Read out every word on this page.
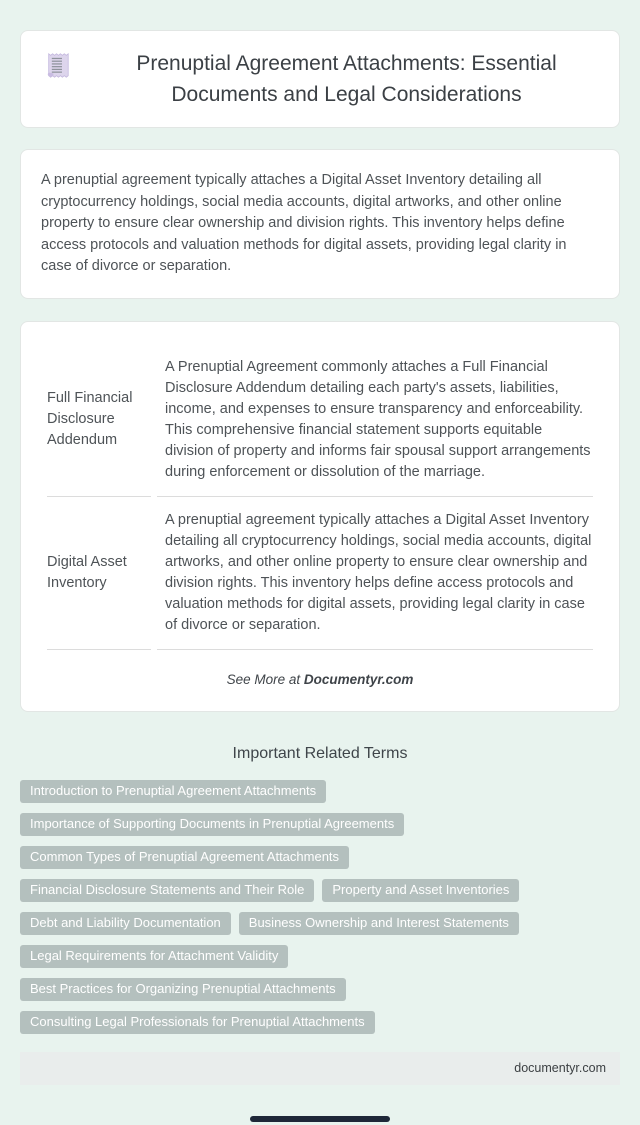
Prenuptial Agreement Attachments: Essential Documents and Legal Considerations

A prenuptial agreement typically attaches a Digital Asset Inventory detailing all cryptocurrency holdings, social media accounts, digital artworks, and other online property to ensure clear ownership and division rights. This inventory helps define access protocols and valuation methods for digital assets, providing legal clarity in case of divorce or separation.

Full Financial Disclosure Addendum	A Prenuptial Agreement commonly attaches a Full Financial Disclosure Addendum detailing each party's assets, liabilities, income, and expenses to ensure transparency and enforceability. This comprehensive financial statement supports equitable division of property and informs fair spousal support arrangements during enforcement or dissolution of the marriage.
Digital Asset Inventory	A prenuptial agreement typically attaches a Digital Asset Inventory detailing all cryptocurrency holdings, social media accounts, digital artworks, and other online property to ensure clear ownership and division rights. This inventory helps define access protocols and valuation methods for digital assets, providing legal clarity in case of divorce or separation.

See More at Documentyr.com

Important Related Terms
Introduction to Prenuptial Agreement Attachments
Importance of Supporting Documents in Prenuptial Agreements
Common Types of Prenuptial Agreement Attachments
Financial Disclosure Statements and Their Role	Property and Asset Inventories
Debt and Liability Documentation	Business Ownership and Interest Statements
Legal Requirements for Attachment Validity
Best Practices for Organizing Prenuptial Attachments
Consulting Legal Professionals for Prenuptial Attachments
documentyr.com
